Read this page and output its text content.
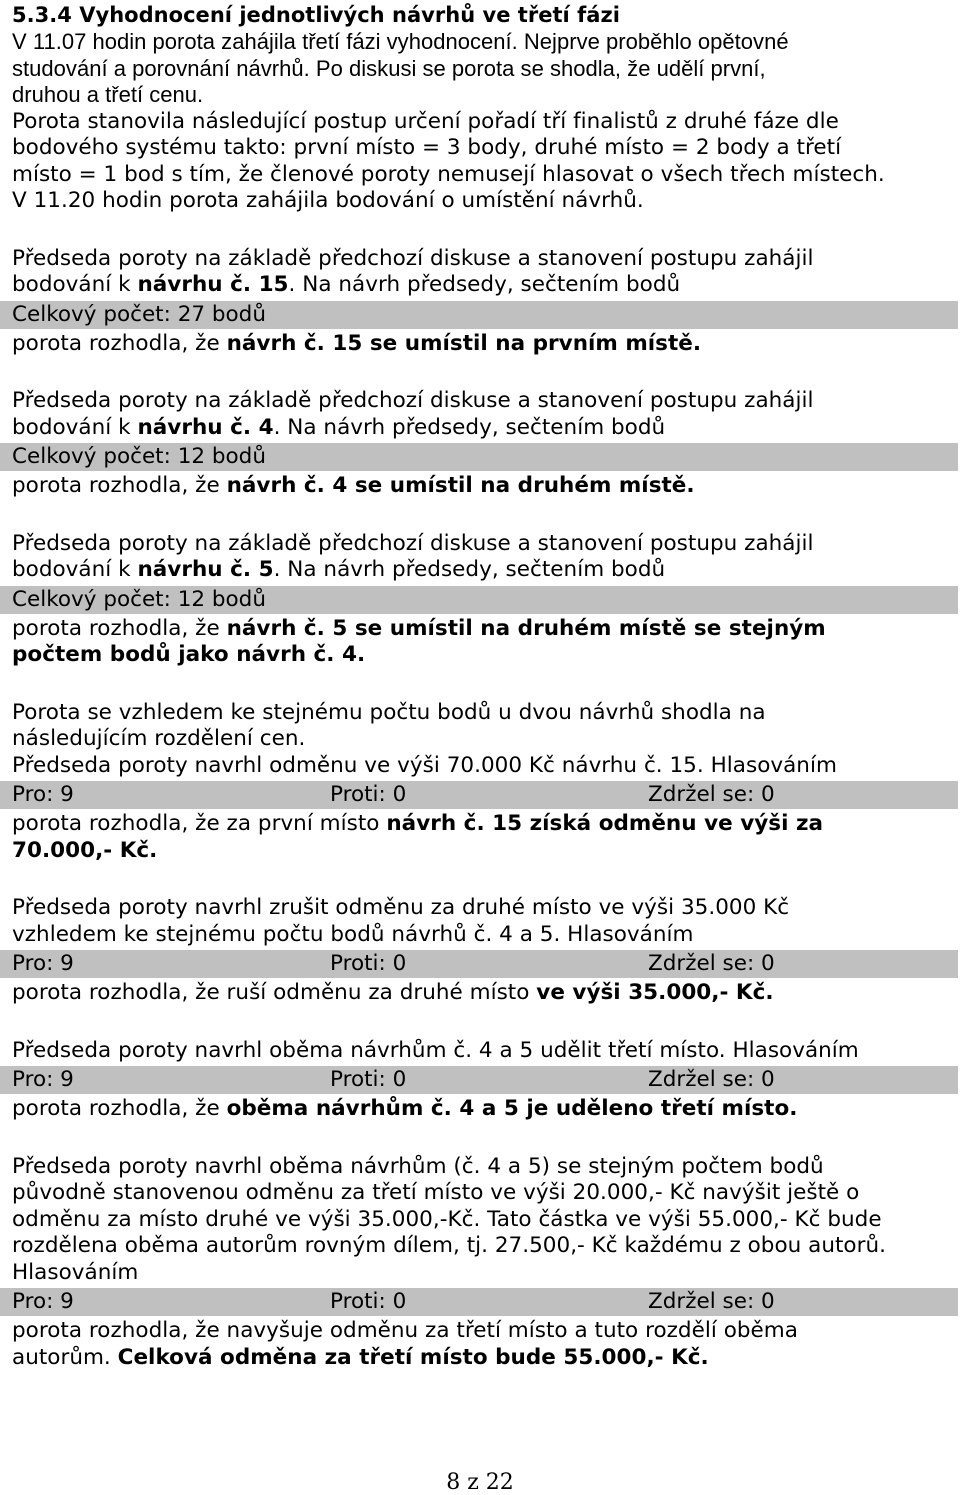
5.3.4 Vyhodnocení jednotlivých návrhů ve třetí fázi
V 11.07 hodin porota zahájila třetí fázi vyhodnocení. Nejprve proběhlo opětovné
studování a porovnání návrhů. Po diskusi se porota se shodla, že udělí první,
druhou a třetí cenu.
Porota stanovila následující postup určení pořadí tří finalistů z druhé fáze dle
bodového systému takto: první místo = 3 body, druhé místo = 2 body a třetí
místo = 1 bod s tím, že členové poroty nemusejí hlasovat o všech třech místech.
V 11.20 hodin porota zahájila bodování o umístění návrhů.
Předseda poroty na základě předchozí diskuse a stanovení postupu zahájil
bodování k návrhu č. 15. Na návrh předsedy, sečtením bodů
Celkový počet: 27 bodů
porota rozhodla, že návrh č. 15 se umístil na prvním místě.
Předseda poroty na základě předchozí diskuse a stanovení postupu zahájil
bodování k návrhu č. 4. Na návrh předsedy, sečtením bodů
Celkový počet: 12 bodů
porota rozhodla, že návrh č. 4 se umístil na druhém místě.
Předseda poroty na základě předchozí diskuse a stanovení postupu zahájil
bodování k návrhu č. 5. Na návrh předsedy, sečtením bodů
Celkový počet: 12 bodů
porota rozhodla, že návrh č. 5 se umístil na druhém místě se stejným
počtem bodů jako návrh č. 4.
Porota se vzhledem ke stejnému počtu bodů u dvou návrhů shodla na
následujícím rozdělení cen.
Předseda poroty navrhl odměnu ve výši 70.000 Kč návrhu č. 15. Hlasováním
Pro: 9	Proti: 0	Zdržel se: 0
porota rozhodla, že za první místo návrh č. 15 získá odměnu ve výši za
70.000,- Kč.
Předseda poroty navrhl zrušit odměnu za druhé místo ve výši 35.000 Kč
vzhledem ke stejnému počtu bodů návrhů č. 4 a 5. Hlasováním
Pro: 9	Proti: 0	Zdržel se: 0
porota rozhodla, že ruší odměnu za druhé místo ve výši 35.000,- Kč.
Předseda poroty navrhl oběma návrhům č. 4 a 5 udělit třetí místo. Hlasováním
Pro: 9	Proti: 0	Zdržel se: 0
porota rozhodla, že oběma návrhům č. 4 a 5 je uděleno třetí místo.
Předseda poroty navrhl oběma návrhům (č. 4 a 5) se stejným počtem bodů
původně stanovenou odměnu za třetí místo ve výši 20.000,- Kč navýšit ještě o
odměnu za místo druhé ve výši 35.000,-Kč. Tato částka ve výši 55.000,- Kč bude
rozdělena oběma autorům rovným dílem, tj. 27.500,- Kč každému z obou autorů.
Hlasováním
Pro: 9	Proti: 0	Zdržel se: 0
porota rozhodla, že navyšuje odměnu za třetí místo a tuto rozdělí oběma
autorům. Celková odměna za třetí místo bude 55.000,- Kč.
8 z 22
